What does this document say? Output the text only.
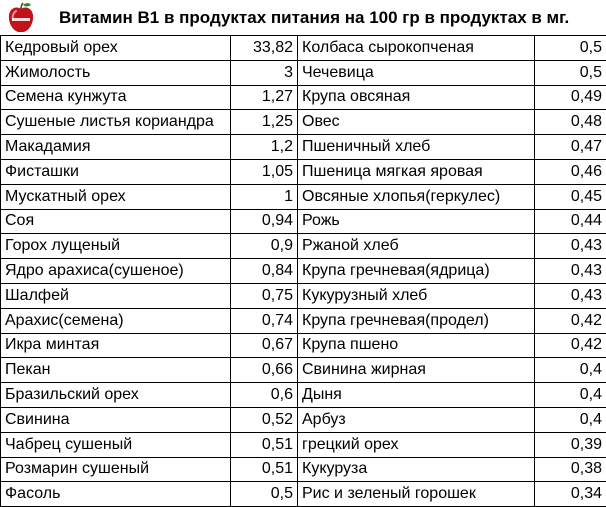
Витамин В1 в продуктах питания на 100 гр в продуктах в мг.
Кедровый орех	33,82	Колбаса сырокопченая	0,5
Жимолость	3	Чечевица	0,5
Семена кунжута	1,27	Крупа овсяная	0,49
Сушеные листья кориандра	1,25	Овес	0,48
Макадамия	1,2	Пшеничный хлеб	0,47
Фисташки	1,05	Пшеница мягкая яровая	0,46
Мускатный орех	1	Овсяные хлопья(геркулес)	0,45
Соя	0,94	Рожь	0,44
Горох лущеный	0,9	Ржаной хлеб	0,43
Ядро арахиса(сушеное)	0,84	Крупа гречневая(ядрица)	0,43
Шалфей	0,75	Кукурузный хлеб	0,43
Арахис(семена)	0,74	Крупа гречневая(продел)	0,42
Икра минтая	0,67	Крупа пшено	0,42
Пекан	0,66	Свинина жирная	0,4
Бразильский орех	0,6	Дыня	0,4
Свинина	0,52	Арбуз	0,4
Чабрец сушеный	0,51	грецкий орех	0,39
Розмарин сушеный	0,51	Кукуруза	0,38
Фасоль	0,5	Рис и зеленый горошек	0,34
